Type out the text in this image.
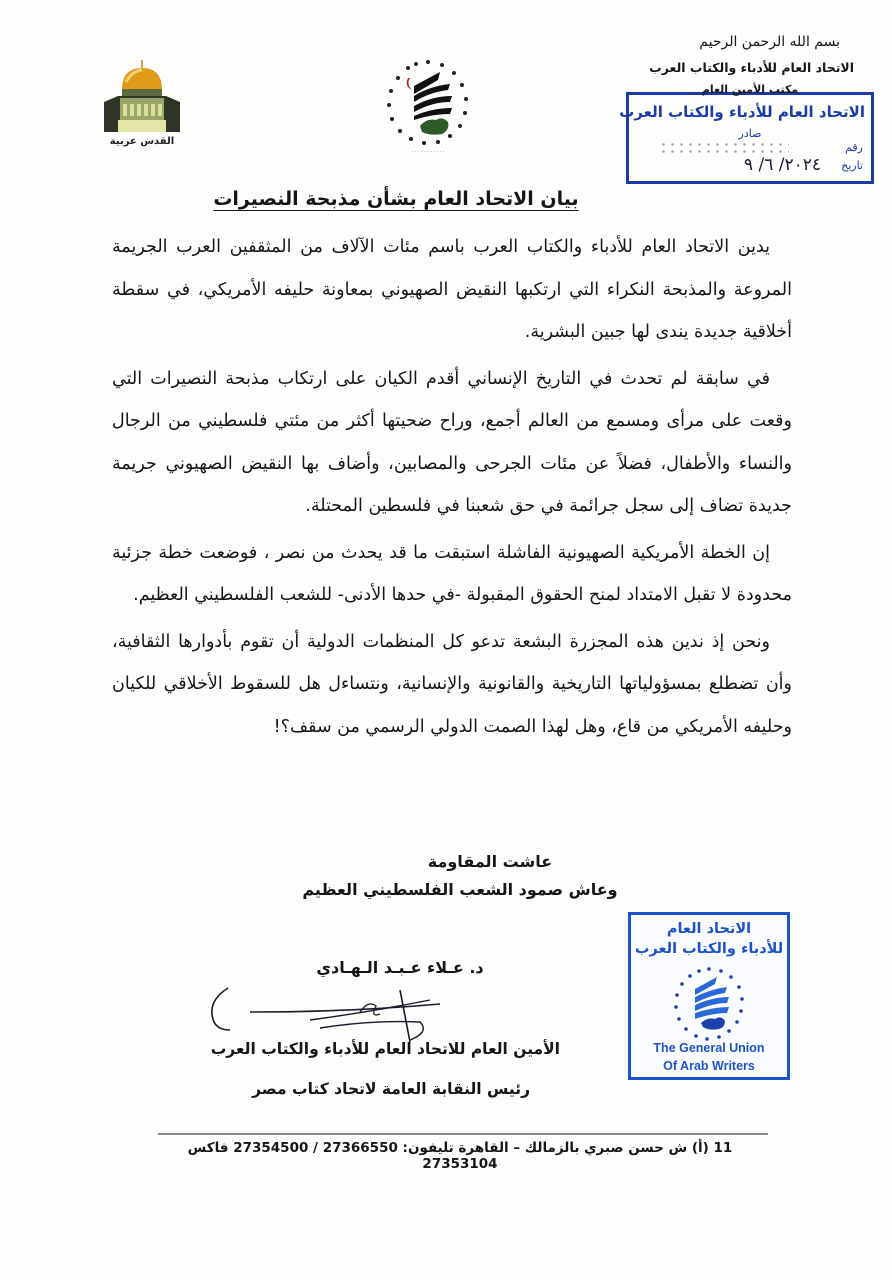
بسم الله الرحمن الرحيم
الاتحاد العام للأدباء والكتاب العرب
مكتب الأمين العام
الاتحاد العام للأدباء والكتاب العرب
صادر
رقم
تاريخ
٢٠٢٤/ ٦/ ٩
القدس عربية
· · · · · · · · · · ·
بيان الاتحاد العام بشأن مذبحة النصيرات

يدين الاتحاد العام للأدباء والكتاب العرب باسم مئات الآلاف من المثقفين العرب الجريمة المروعة والمذبحة النكراء التي ارتكبها النقيض الصهيوني بمعاونة حليفه الأمريكي، في سقطة أخلاقية جديدة يندى لها جبين البشرية.

في سابقة لم تحدث في التاريخ الإنساني أقدم الكيان على ارتكاب مذبحة النصيرات التي وقعت على مرأى ومسمع من العالم أجمع، وراح ضحيتها أكثر من مئتي فلسطيني من الرجال والنساء والأطفال، فضلاً عن مئات الجرحى والمصابين، وأضاف بها النقيض الصهيوني جريمة جديدة تضاف إلى سجل جرائمة في حق شعبنا في فلسطين المحتلة.

إن الخطة الأمريكية الصهيونية الفاشلة استبقت ما قد يحدث من نصر ، فوضعت خطة جزئية محدودة لا تقبل الامتداد لمنح الحقوق المقبولة -في حدها الأدنى- للشعب الفلسطيني العظيم.

ونحن إذ ندين هذه المجزرة البشعة تدعو كل المنظمات الدولية أن تقوم بأدوارها الثقافية، وأن تضطلع بمسؤولياتها التاريخية والقانونية والإنسانية، ونتساءل هل للسقوط الأخلاقي للكيان وحليفه الأمريكي من قاع، وهل لهذا الصمت الدولي الرسمي من سقف؟!

عاشت المقاومة
وعاش صمود الشعب الفلسطيني العظيم
د. عـلاء عـبـد الـهـادي
الأمين العام للاتحاد العام للأدباء والكتاب العرب
رئيس النقابة العامة لاتحاد كتاب مصر
الاتحاد العام
للأدباء والكتاب العرب
The General Union
Of Arab Writers
11 (أ) ش حسن صبري بالزمالك – القاهرة تليفون: 27366550 / 27354500 فاكس 27353104
